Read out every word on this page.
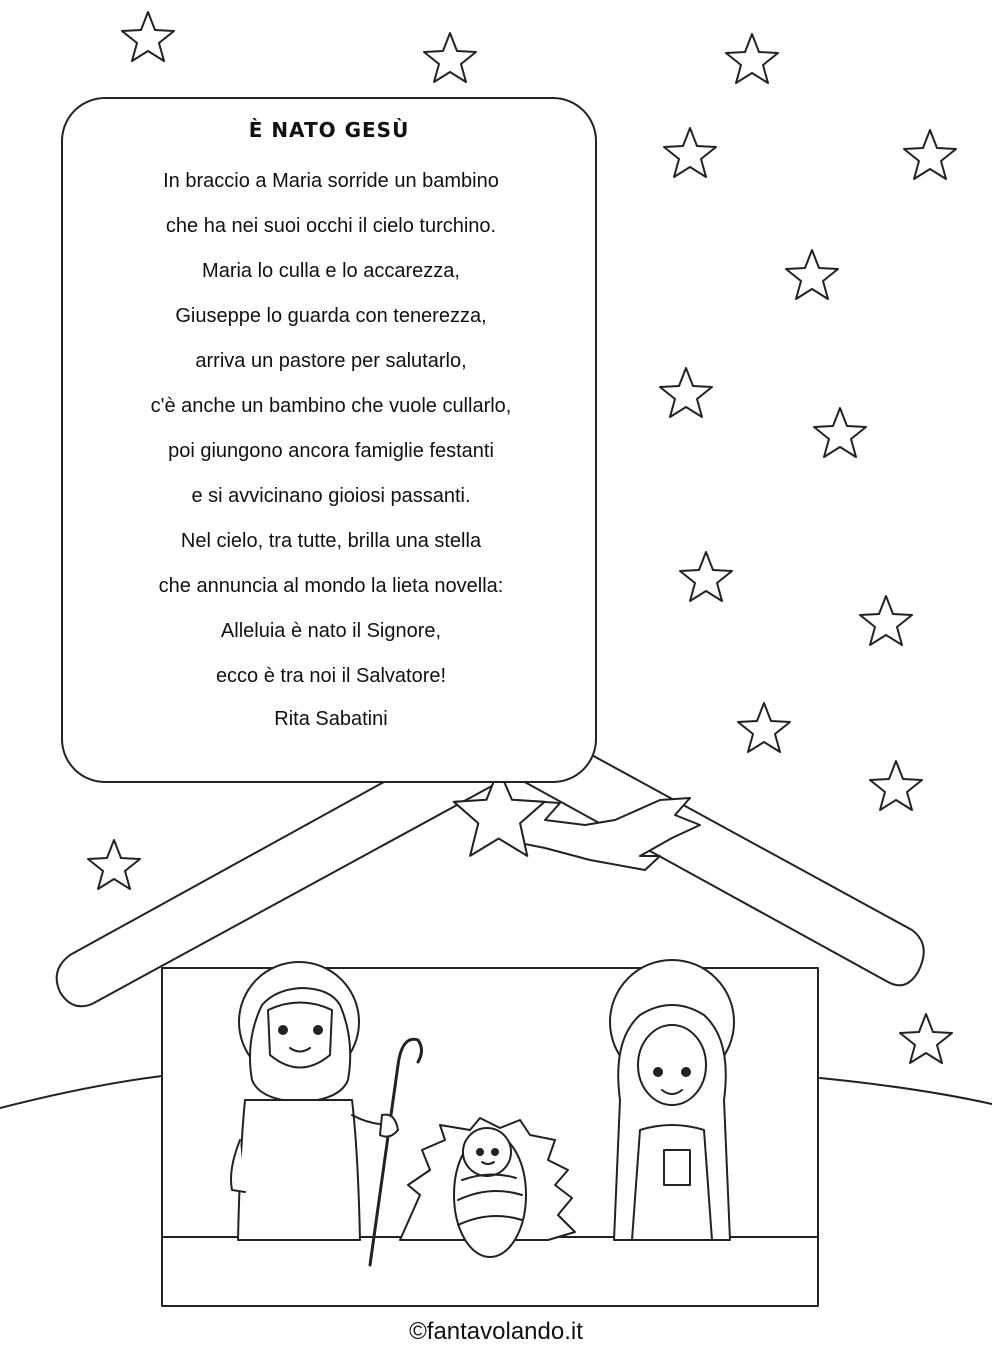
È NATO GESÙ
In braccio a Maria sorride un bambino
che ha nei suoi occhi il cielo turchino.
Maria lo culla e lo accarezza,
Giuseppe lo guarda con tenerezza,
arriva un pastore per salutarlo,
c'è anche un bambino che vuole cullarlo,
poi giungono ancora famiglie festanti
e si avvicinano gioiosi passanti.
Nel cielo, tra tutte, brilla una stella
che annuncia al mondo la lieta novella:
Alleluia è nato il Signore,
ecco è tra noi il Salvatore!
Rita Sabatini
©fantavolando.it
